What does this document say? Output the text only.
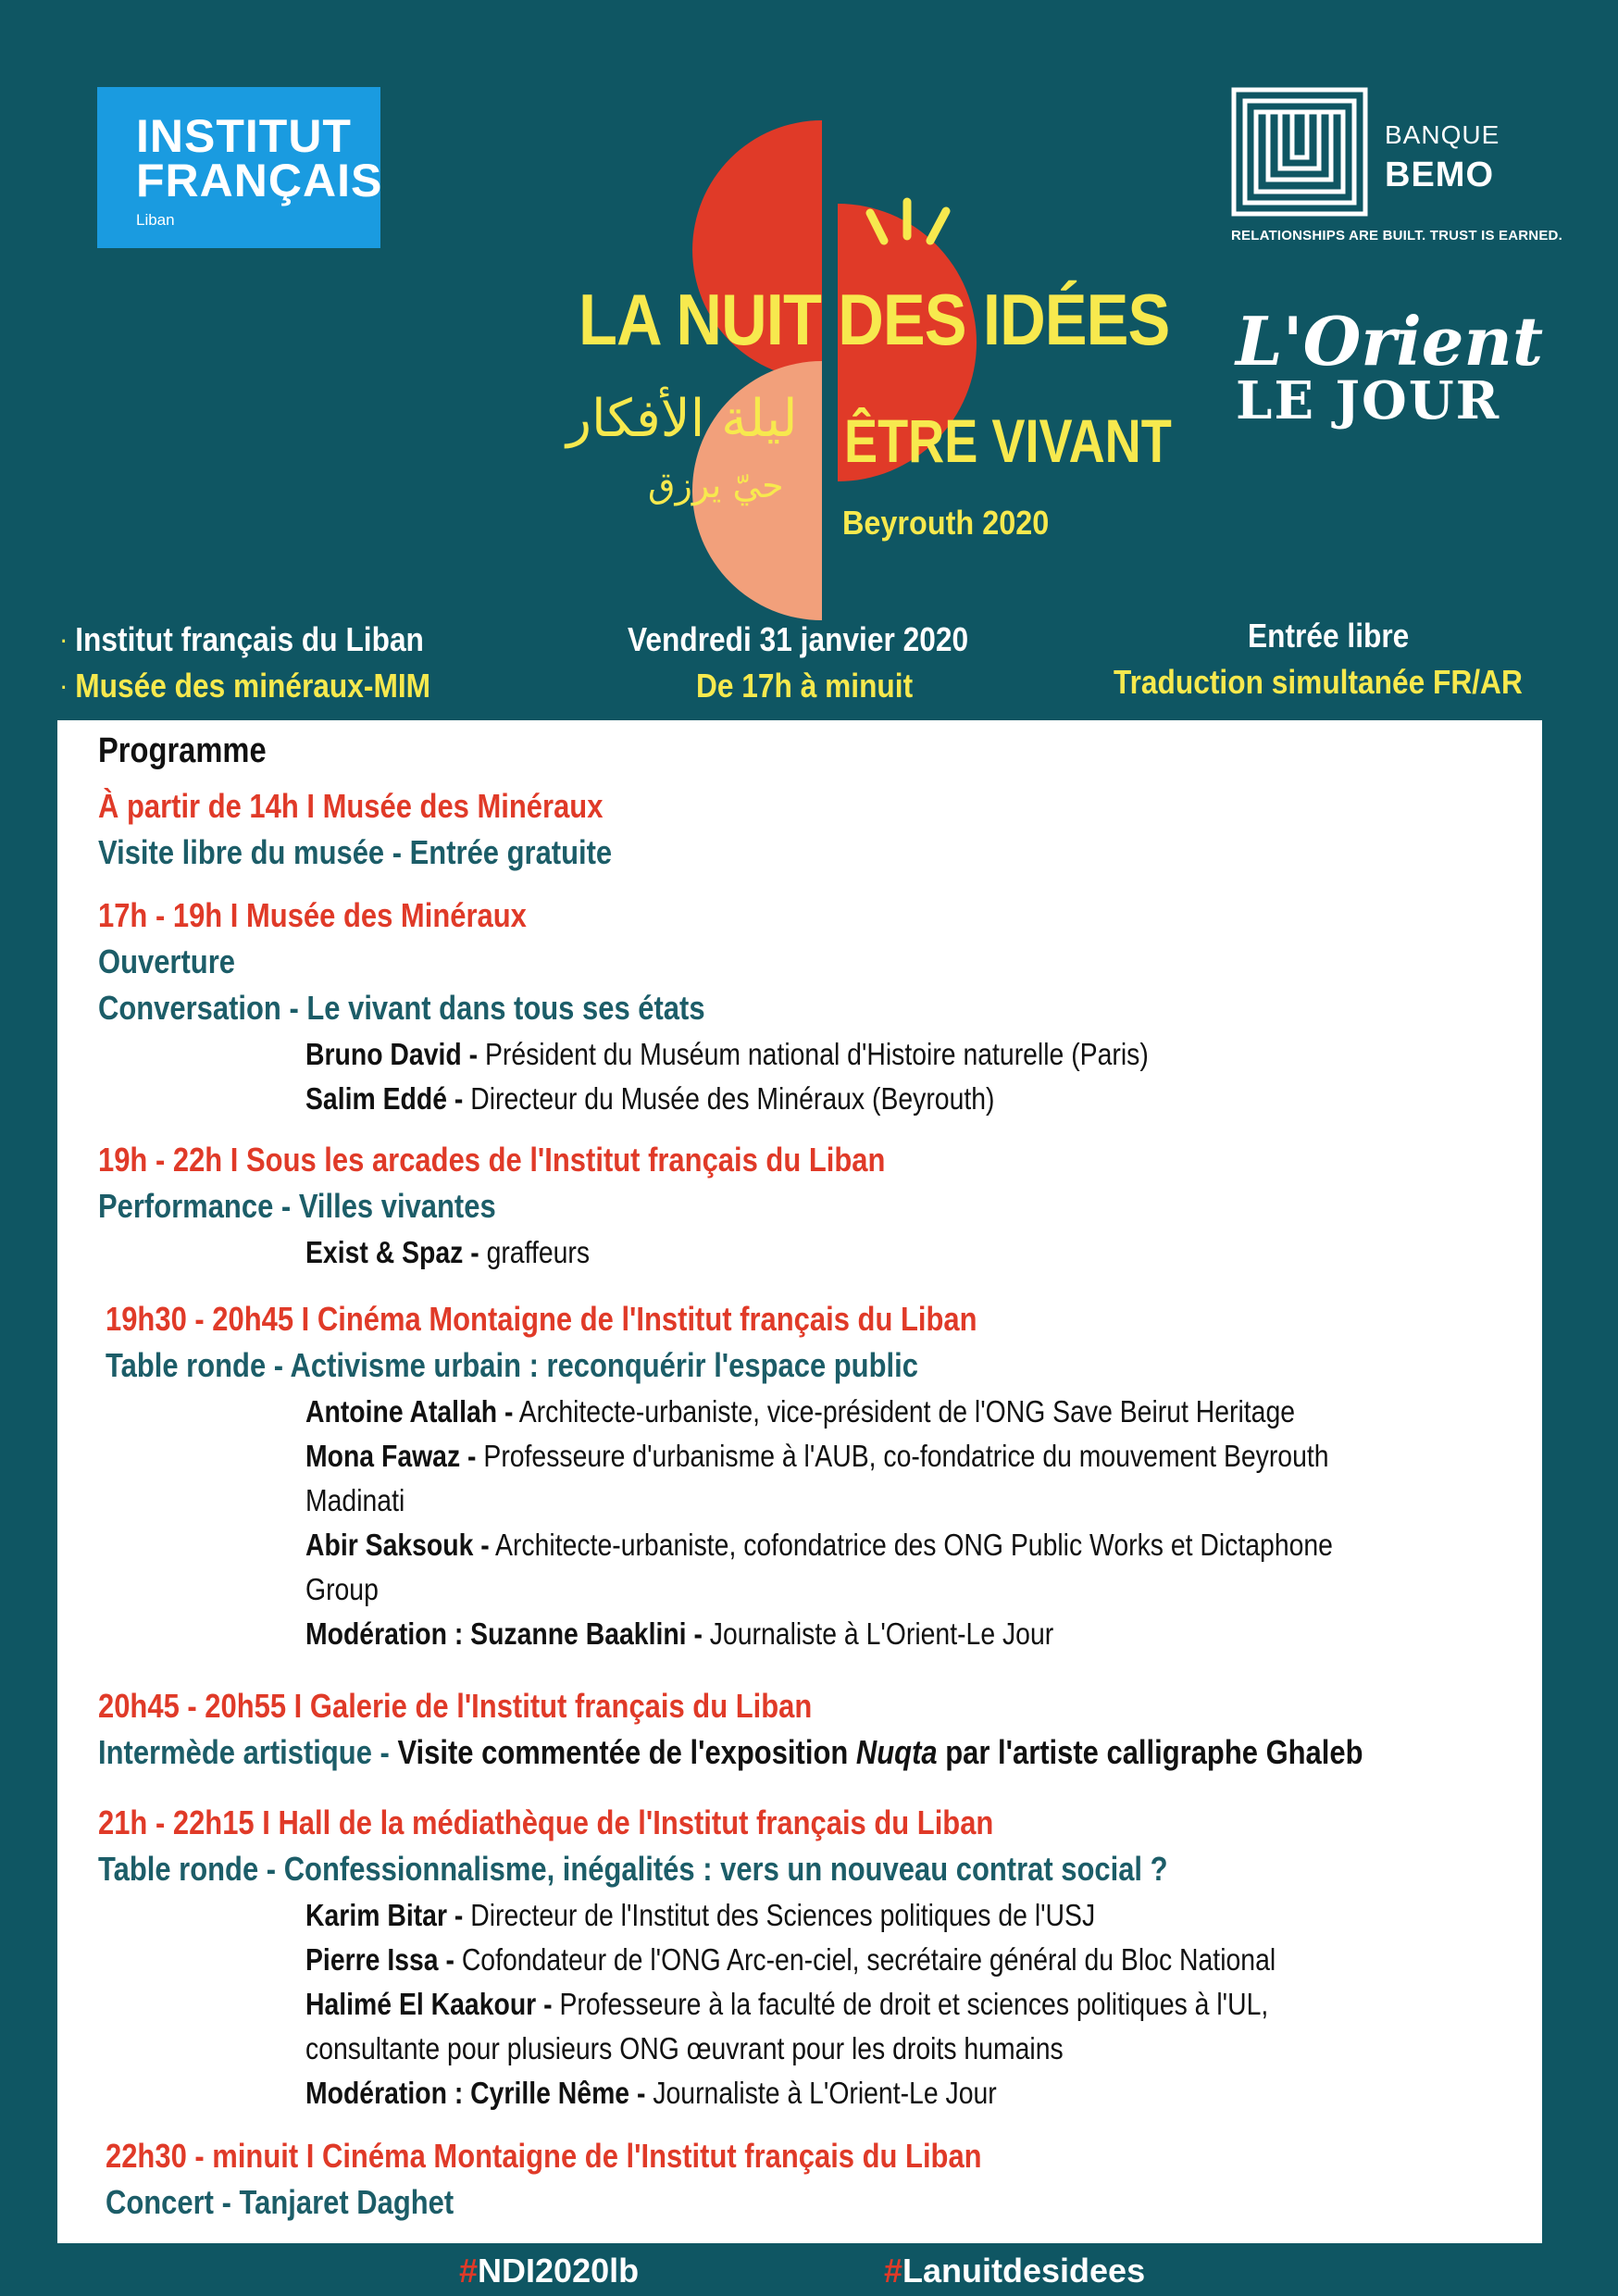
INSTITUT
FRANÇAIS
Liban
BANQUE
BEMO
RELATIONSHIPS ARE BUILT. TRUST IS EARNED.
L'Orient
LE JOUR
LA NUIT DES IDÉES
ليلة الأفكار
حيّ يرزق
ÊTRE VIVANT
Beyrouth 2020
· Institut français du Liban
· Musée des minéraux-MIM
Vendredi 31 janvier 2020
De 17h à minuit
Entrée libre
Traduction simultanée FR/AR
Programme
À partir de 14h I Musée des Minéraux
Visite libre du musée - Entrée gratuite
17h - 19h I Musée des Minéraux
Ouverture
Conversation - Le vivant dans tous ses états
Bruno David - Président du Muséum national d'Histoire naturelle (Paris)
Salim Eddé - Directeur du Musée des Minéraux (Beyrouth)
19h - 22h I Sous les arcades de l'Institut français du Liban
Performance - Villes vivantes
Exist & Spaz - graffeurs
19h30 - 20h45 I Cinéma Montaigne de l'Institut français du Liban
Table ronde - Activisme urbain : reconquérir l'espace public
Antoine Atallah - Architecte-urbaniste, vice-président de l'ONG Save Beirut Heritage
Mona Fawaz - Professeure d'urbanisme à l'AUB, co-fondatrice du mouvement Beyrouth
Madinati
Abir Saksouk - Architecte-urbaniste, cofondatrice des ONG Public Works et Dictaphone
Group
Modération : Suzanne Baaklini - Journaliste à L'Orient-Le Jour
20h45 - 20h55 I Galerie de l'Institut français du Liban
Intermède artistique - Visite commentée de l'exposition Nuqta par l'artiste calligraphe Ghaleb
21h - 22h15 I Hall de la médiathèque de l'Institut français du Liban
Table ronde - Confessionnalisme, inégalités : vers un nouveau contrat social ?
Karim Bitar - Directeur de l'Institut des Sciences politiques de l'USJ
Pierre Issa - Cofondateur de l'ONG Arc-en-ciel, secrétaire général du Bloc National
Halimé El Kaakour - Professeure à la faculté de droit et sciences politiques à l'UL,
consultante pour plusieurs ONG œuvrant pour les droits humains
Modération : Cyrille Nême - Journaliste à L'Orient-Le Jour
22h30 - minuit I Cinéma Montaigne de l'Institut français du Liban
Concert - Tanjaret Daghet
#NDI2020lb	#Lanuitdesidees
